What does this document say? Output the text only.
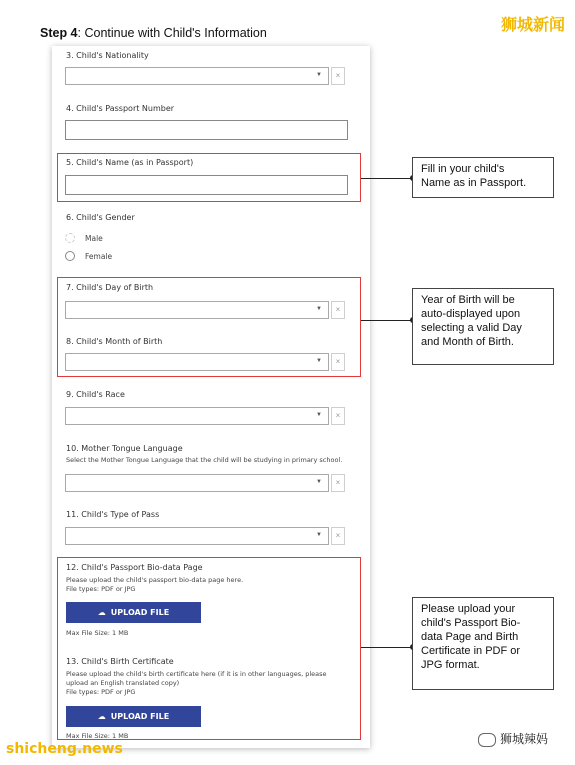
Step 4: Continue with Child's Information	狮城新闻
3. Child's Nationality
▼	×
4. Child's Passport Number
5. Child's Name (as in Passport)
6. Child's Gender
Male
Female
7. Child's Day of Birth
▼	×
8. Child's Month of Birth
▼	×
9. Child's Race
▼	×
10. Mother Tongue Language
Select the Mother Tongue Language that the child will be studying in primary school.
▼	×
11. Child's Type of Pass
▼	×
12. Child's Passport Bio-data Page
Please upload the child's passport bio-data page here.
File types: PDF or JPG
☁ UPLOAD FILE
Max File Size: 1 MB
13. Child's Birth Certificate
Please upload the child's birth certificate here (if it is in other languages, please
upload an English translated copy)
File types: PDF or JPG
☁ UPLOAD FILE
Max File Size: 1 MB
Fill in your child's
Name as in Passport.
Year of Birth will be
auto-displayed upon
selecting a valid Day
and Month of Birth.
Please upload your
child's Passport Bio-
data Page and Birth
Certificate in PDF or
JPG format.
shicheng.news
狮城辣妈
